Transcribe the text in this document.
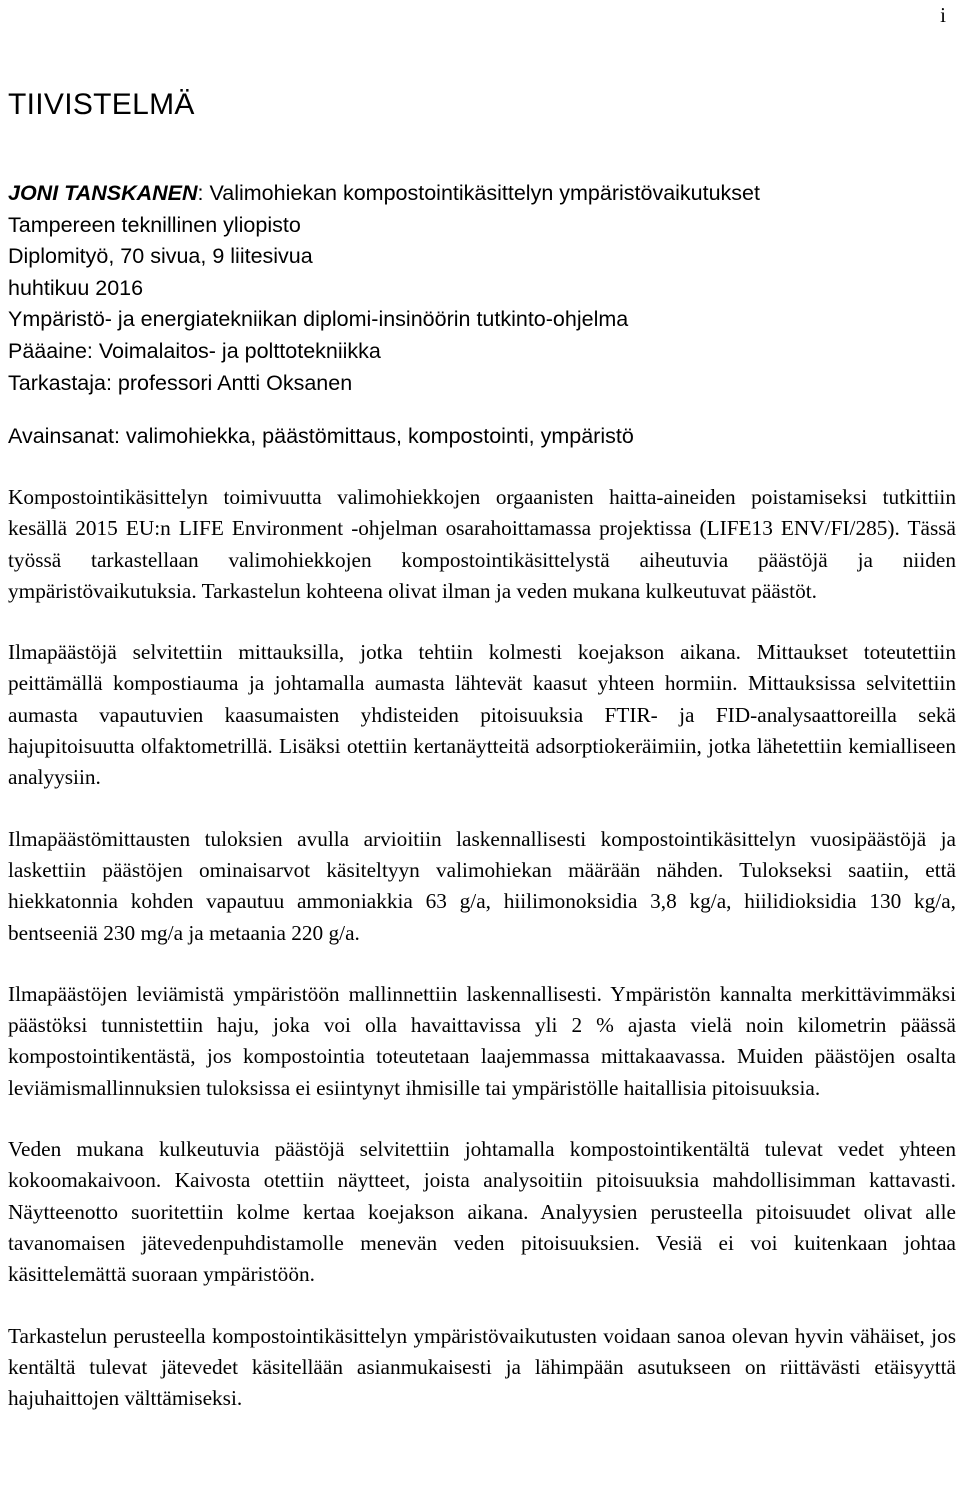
i
TIIVISTELMÄ
JONI TANSKANEN: Valimohiekan kompostointikäsittelyn ympäristövaikutukset
Tampereen teknillinen yliopisto
Diplomityö, 70 sivua, 9 liitesivua
huhtikuu 2016
Ympäristö- ja energiatekniikan diplomi-insinöörin tutkinto-ohjelma
Pääaine: Voimalaitos- ja polttotekniikka
Tarkastaja: professori Antti Oksanen
Avainsanat: valimohiekka, päästömittaus, kompostointi, ympäristö

Kompostointikäsittelyn toimivuutta valimohiekkojen orgaanisten haitta-aineiden poistamiseksi tutkittiin kesällä 2015 EU:n LIFE Environment -ohjelman osarahoittamassa projektissa (LIFE13 ENV/FI/285). Tässä työssä tarkastellaan valimohiekkojen kompostointikäsittelystä aiheutuvia päästöjä ja niiden ympäristövaikutuksia. Tarkastelun kohteena olivat ilman ja veden mukana kulkeutuvat päästöt.

Ilmapäästöjä selvitettiin mittauksilla, jotka tehtiin kolmesti koejakson aikana. Mittaukset toteutettiin peittämällä kompostiauma ja johtamalla aumasta lähtevät kaasut yhteen hormiin. Mittauksissa selvitettiin aumasta vapautuvien kaasumaisten yhdisteiden pitoisuuksia FTIR- ja FID-analysaattoreilla sekä hajupitoisuutta olfaktometrillä. Lisäksi otettiin kertanäytteitä adsorptiokeräimiin, jotka lähetettiin kemialliseen analyysiin.

Ilmapäästömittausten tuloksien avulla arvioitiin laskennallisesti kompostointikäsittelyn vuosipäästöjä ja laskettiin päästöjen ominaisarvot käsiteltyyn valimohiekan määrään nähden. Tulokseksi saatiin, että hiekkatonnia kohden vapautuu ammoniakkia 63 g/a, hiilimonoksidia 3,8 kg/a, hiilidioksidia 130 kg/a, bentseeniä 230 mg/a ja metaania 220 g/a.

Ilmapäästöjen leviämistä ympäristöön mallinnettiin laskennallisesti. Ympäristön kannalta merkittävimmäksi päästöksi tunnistettiin haju, joka voi olla havaittavissa yli 2 % ajasta vielä noin kilometrin päässä kompostointikentästä, jos kompostointia toteutetaan laajemmassa mittakaavassa. Muiden päästöjen osalta leviämismallinnuksien tuloksissa ei esiintynyt ihmisille tai ympäristölle haitallisia pitoisuuksia.

Veden mukana kulkeutuvia päästöjä selvitettiin johtamalla kompostointikentältä tulevat vedet yhteen kokoomakaivoon. Kaivosta otettiin näytteet, joista analysoitiin pitoisuuksia mahdollisimman kattavasti. Näytteenotto suoritettiin kolme kertaa koejakson aikana. Analyysien perusteella pitoisuudet olivat alle tavanomaisen jätevedenpuhdistamolle menevän veden pitoisuuksien. Vesiä ei voi kuitenkaan johtaa käsittelemättä suoraan ympäristöön.

Tarkastelun perusteella kompostointikäsittelyn ympäristövaikutusten voidaan sanoa olevan hyvin vähäiset, jos kentältä tulevat jätevedet käsitellään asianmukaisesti ja lähimpään asutukseen on riittävästi etäisyyttä hajuhaittojen välttämiseksi.
